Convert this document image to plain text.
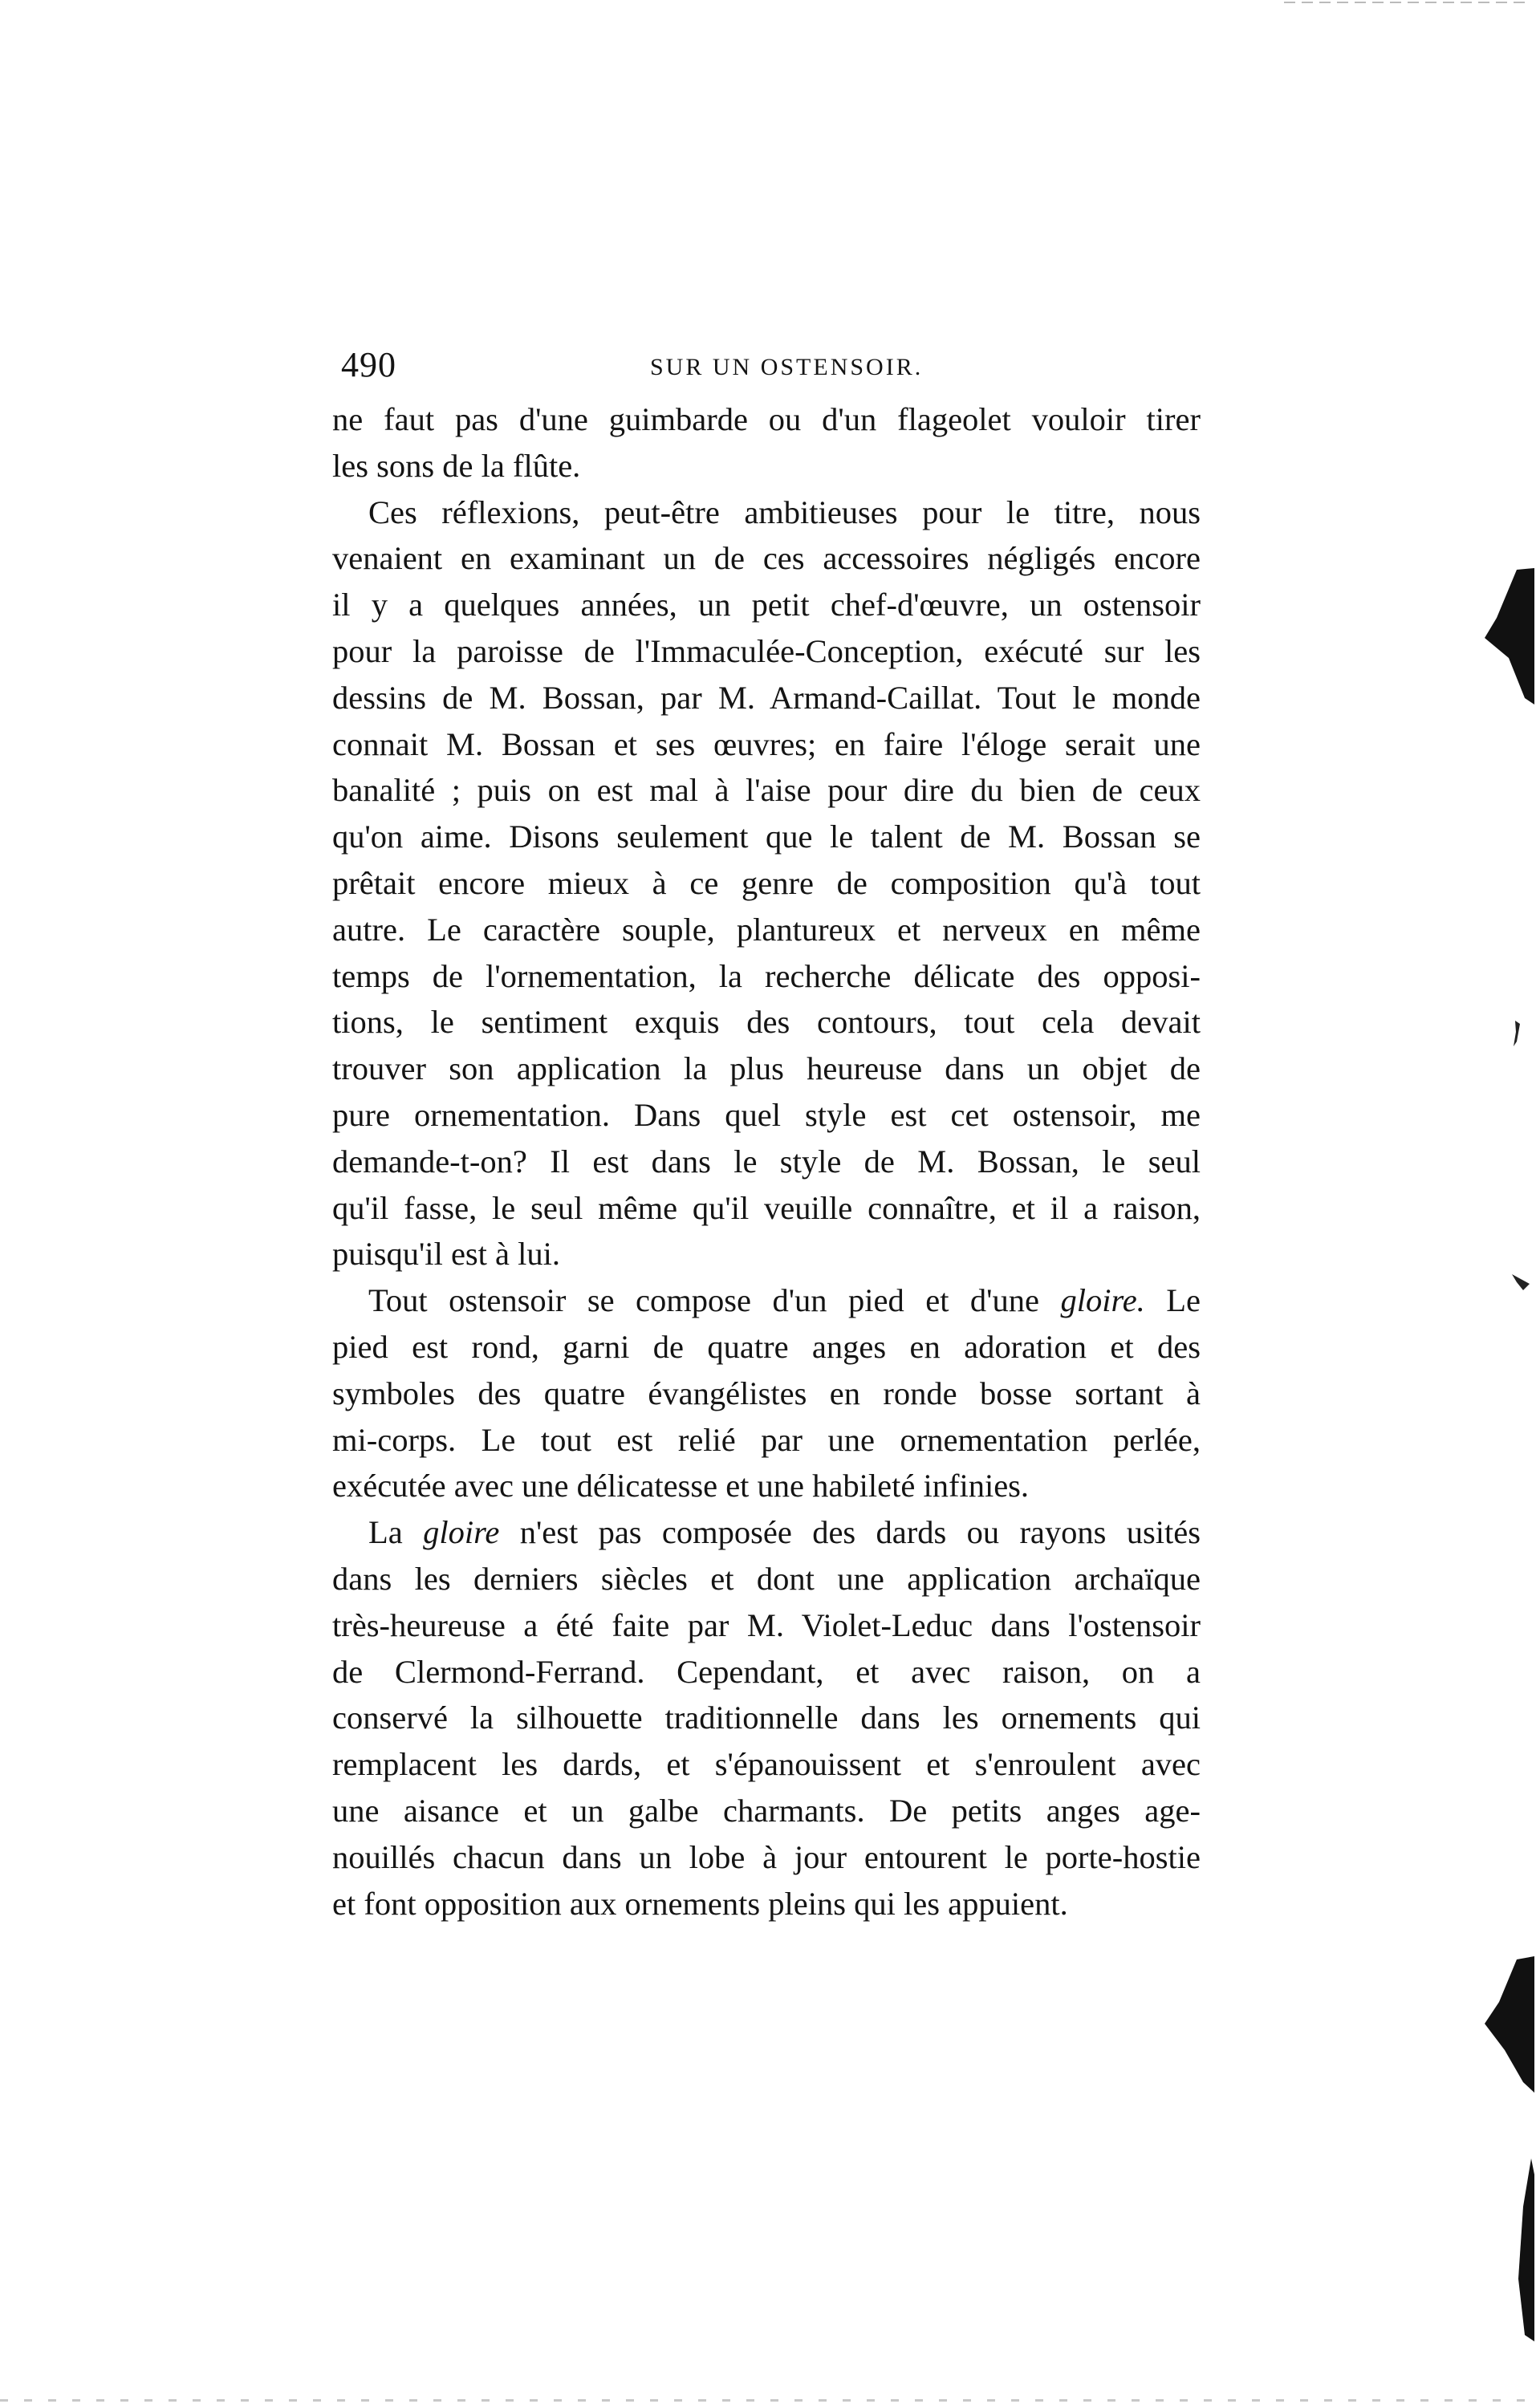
490	SUR UN OSTENSOIR.

ne faut pas d'une guimbarde ou d'un flageolet vouloir tirer
les sons de la flûte.

Ces réflexions, peut-être ambitieuses pour le titre, nous
venaient en examinant un de ces accessoires négligés encore
il y a quelques années, un petit chef-d'œuvre, un ostensoir
pour la paroisse de l'Immaculée-Conception, exécuté sur les
dessins de M. Bossan, par M. Armand-Caillat. Tout le monde
connait M. Bossan et ses œuvres; en faire l'éloge serait une
banalité ; puis on est mal à l'aise pour dire du bien de ceux
qu'on aime. Disons seulement que le talent de M. Bossan se
prêtait encore mieux à ce genre de composition qu'à tout
autre. Le caractère souple, plantureux et nerveux en même
temps de l'ornementation, la recherche délicate des opposi-
tions, le sentiment exquis des contours, tout cela devait
trouver son application la plus heureuse dans un objet de
pure ornementation. Dans quel style est cet ostensoir, me
demande-t-on? Il est dans le style de M. Bossan, le seul
qu'il fasse, le seul même qu'il veuille connaître, et il a raison,
puisqu'il est à lui.

Tout ostensoir se compose d'un pied et d'une gloire. Le
pied est rond, garni de quatre anges en adoration et des
symboles des quatre évangélistes en ronde bosse sortant à
mi-corps. Le tout est relié par une ornementation perlée,
exécutée avec une délicatesse et une habileté infinies.

La gloire n'est pas composée des dards ou rayons usités
dans les derniers siècles et dont une application archaïque
très-heureuse a été faite par M. Violet-Leduc dans l'ostensoir
de Clermond-Ferrand. Cependant, et avec raison, on a
conservé la silhouette traditionnelle dans les ornements qui
remplacent les dards, et s'épanouissent et s'enroulent avec
une aisance et un galbe charmants. De petits anges age-
nouillés chacun dans un lobe à jour entourent le porte-hostie
et font opposition aux ornements pleins qui les appuient.
